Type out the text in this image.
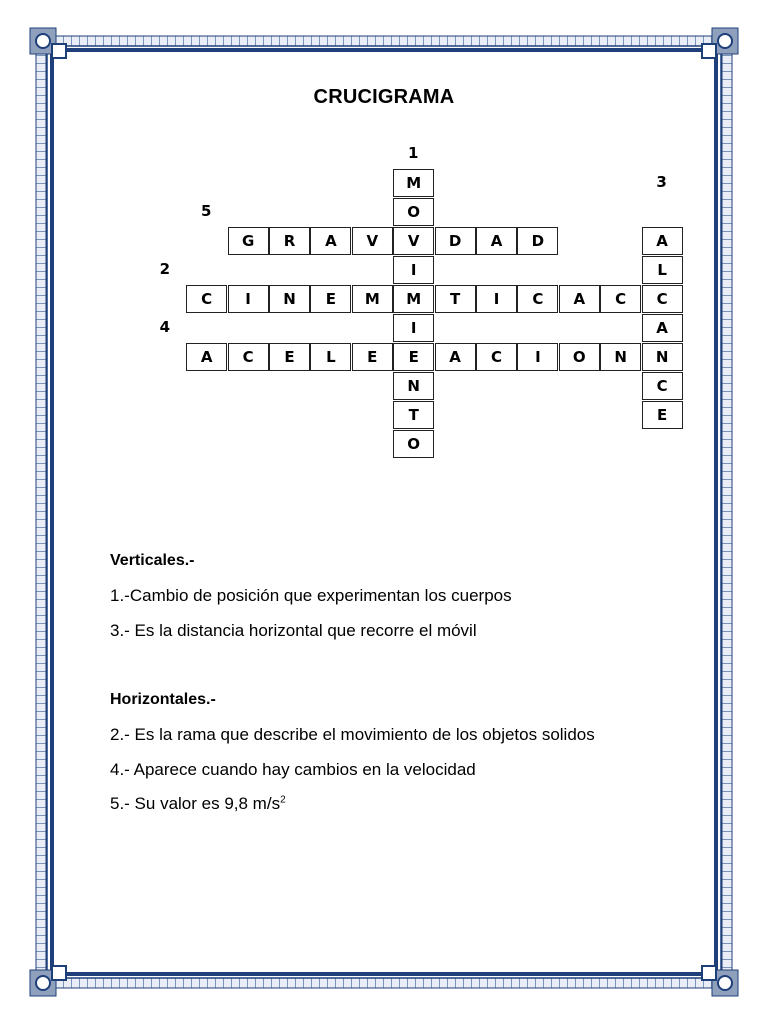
CRUCIGRAMA
M
O
V
I
M
I
E
N
T
O
G	R	A	V	D	A	D	A
L
C
A
N
C
E
C	I	N	E	M	T	I	C	A	C
A	C	E	L	E	A	C	I	O	N
1
3
5
2
4
Verticales.-
1.-Cambio de posición que experimentan los cuerpos
3.- Es la distancia horizontal que recorre el móvil
Horizontales.-
2.- Es la rama que describe el movimiento de los objetos solidos
4.- Aparece cuando hay cambios en la velocidad
5.- Su valor es 9,8 $m/s^2$
